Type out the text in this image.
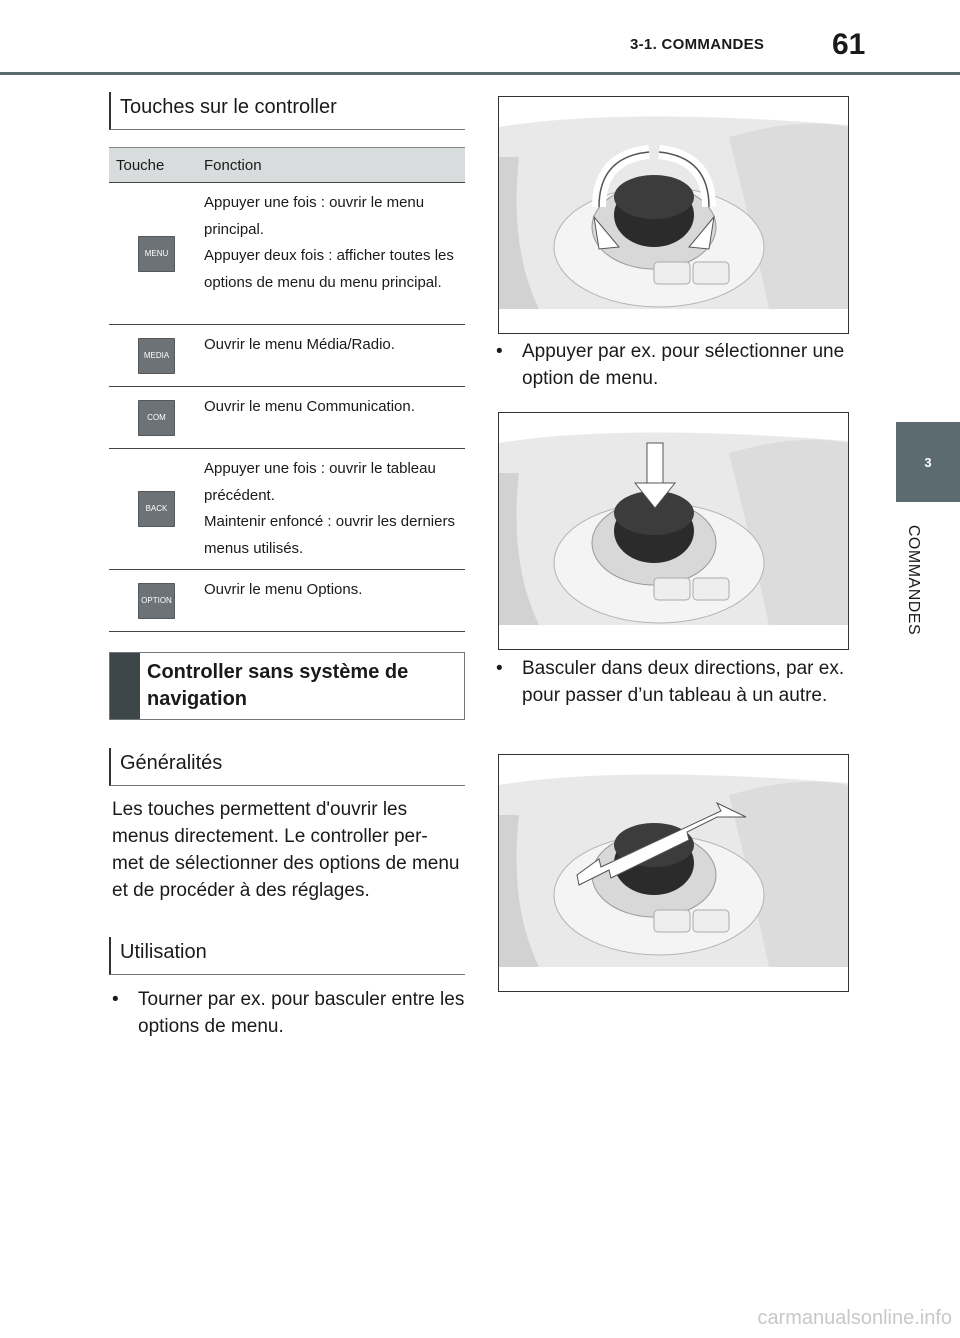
3-1. COMMANDES 61
3
COMMANDES
Touches sur le controller
Touche	Fonction
MENU	Appuyer une fois : ouvrir le menu principal.
Appuyer deux fois : afficher toutes les options de menu du menu principal.

MEDIA	Ouvrir le menu Média/Radio.
COM	Ouvrir le menu Communication.
BACK	Appuyer une fois : ouvrir le tableau précédent.
Maintenir enfoncé : ouvrir les derniers menus utilisés.

OPTION	Ouvrir le menu Options.
Controller sans système de navigation
Généralités
Les touches permettent d'ouvrir les menus directement. Le controller per- met de sélectionner des options de menu et de procéder à des réglages.
Utilisation
• Tourner par ex. pour basculer entre les options de menu.
• Appuyer par ex. pour sélectionner une option de menu.
• Basculer dans deux directions, par ex. pour passer d’un tableau à un autre.
carmanualsonline.info
